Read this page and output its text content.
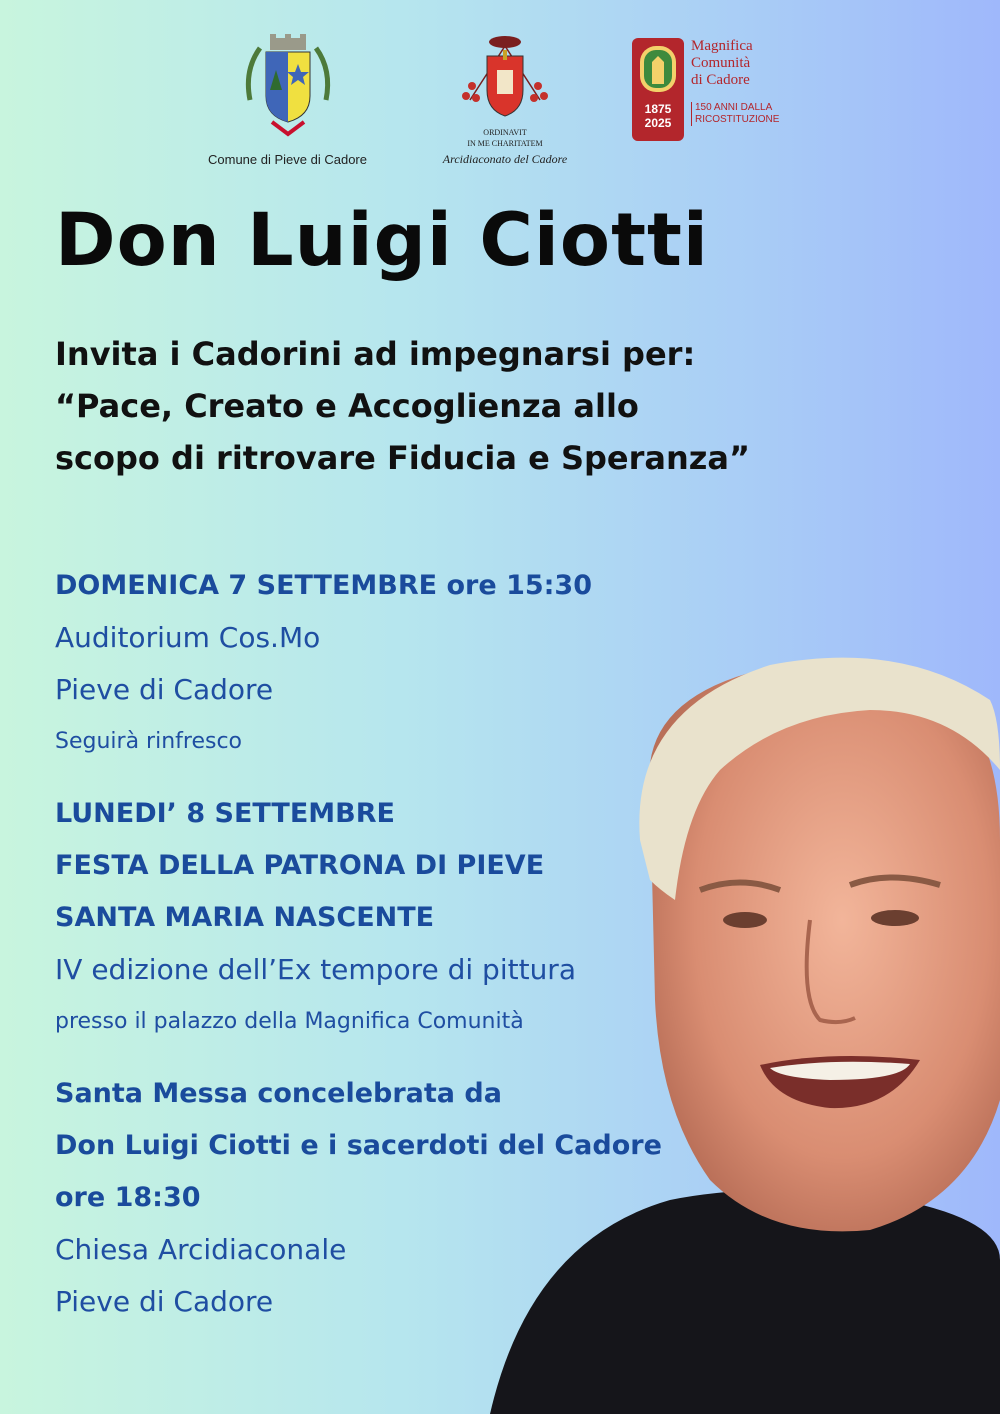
Comune di Pieve di Cadore
ORDINAVIT
IN ME CHARITATEM
Arcidiaconato del Cadore
1875
2025
Magnifica
Comunità
di Cadore
150 ANNI DALLA
RICOSTITUZIONE
Don Luigi Ciotti
Invita i Cadorini ad impegnarsi per:
“Pace, Creato e Accoglienza allo
scopo di ritrovare Fiducia e Speranza”
DOMENICA 7 SETTEMBRE ore 15:30
Auditorium Cos.Mo
Pieve di Cadore
Seguirà rinfresco
LUNEDI’ 8 SETTEMBRE
FESTA DELLA PATRONA DI PIEVE
SANTA MARIA NASCENTE
IV edizione dell’Ex tempore di pittura
presso il palazzo della Magnifica Comunità
Santa Messa concelebrata da
Don Luigi Ciotti e i sacerdoti del Cadore
ore 18:30
Chiesa Arcidiaconale
Pieve di Cadore
